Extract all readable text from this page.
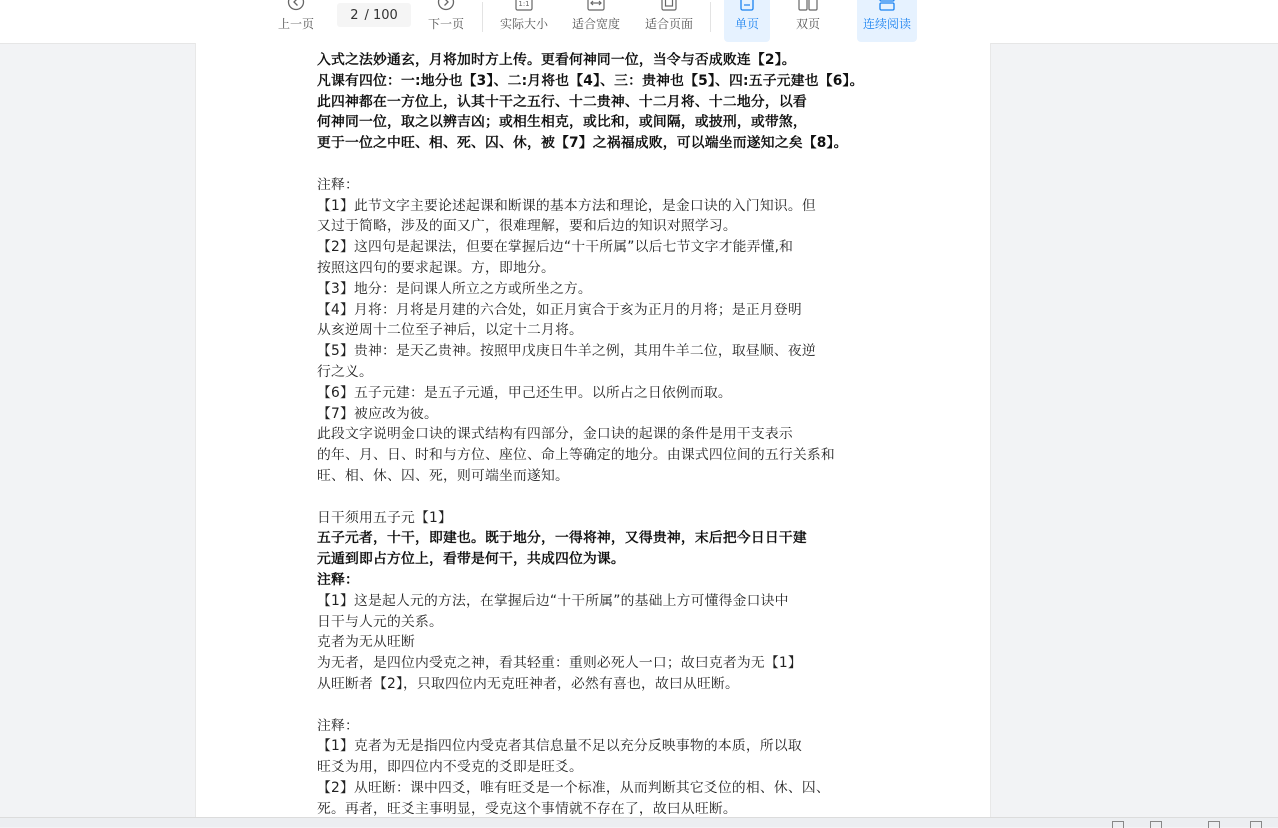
上一页
2 / 100
下一页
1:1
实际大小 适合宽度 适合页面	单页	双页	连续阅读

入式之法妙通玄，月将加时方上传。更看何神同一位，当令与否成败连【2】。

凡课有四位：一:地分也【3】、二:月将也【4】、三：贵神也【5】、四:五子元建也【6】。

此四神都在一方位上，认其十干之五行、十二贵神、十二月将、十二地分，以看

何神同一位，取之以辨吉凶；或相生相克，或比和，或间隔，或披刑，或带煞，

更于一位之中旺、相、死、囚、休，被【7】之祸福成败，可以端坐而遂知之矣【8】。

注释：

【1】此节文字主要论述起课和断课的基本方法和理论，是金口诀的入门知识。但

又过于简略，涉及的面又广，很难理解，要和后边的知识对照学习。

【2】这四句是起课法，但要在掌握后边“十干所属”以后七节文字才能弄懂,和

按照这四句的要求起课。方，即地分。

【3】地分：是问课人所立之方或所坐之方。

【4】月将：月将是月建的六合处，如正月寅合于亥为正月的月将；是正月登明

从亥逆周十二位至子神后，以定十二月将。

【5】贵神：是天乙贵神。按照甲戊庚日牛羊之例，其用牛羊二位，取昼顺、夜逆

行之义。

【6】五子元建：是五子元遁，甲己还生甲。以所占之日依例而取。

【7】被应改为彼。

此段文字说明金口诀的课式结构有四部分，金口诀的起课的条件是用干支表示

的年、月、日、时和与方位、座位、命上等确定的地分。由课式四位间的五行关系和

旺、相、休、囚、死，则可端坐而遂知。

日干须用五子元【1】

五子元者，十干，即建也。既于地分，一得将神，又得贵神，末后把今日日干建

元遁到即占方位上，看带是何干，共成四位为课。

注释：

【1】这是起人元的方法，在掌握后边“十干所属”的基础上方可懂得金口诀中

日干与人元的关系。

克者为无从旺断

为无者，是四位内受克之神，看其轻重：重则必死人一口；故曰克者为无【1】

从旺断者【2】，只取四位内无克旺神者，必然有喜也，故曰从旺断。

注释：

【1】克者为无是指四位内受克者其信息量不足以充分反映事物的本质，所以取

旺爻为用，即四位内不受克的爻即是旺爻。

【2】从旺断：课中四爻，唯有旺爻是一个标准，从而判断其它爻位的相、休、囚、

死。再者，旺爻主事明显，受克这个事情就不存在了，故曰从旺断。
